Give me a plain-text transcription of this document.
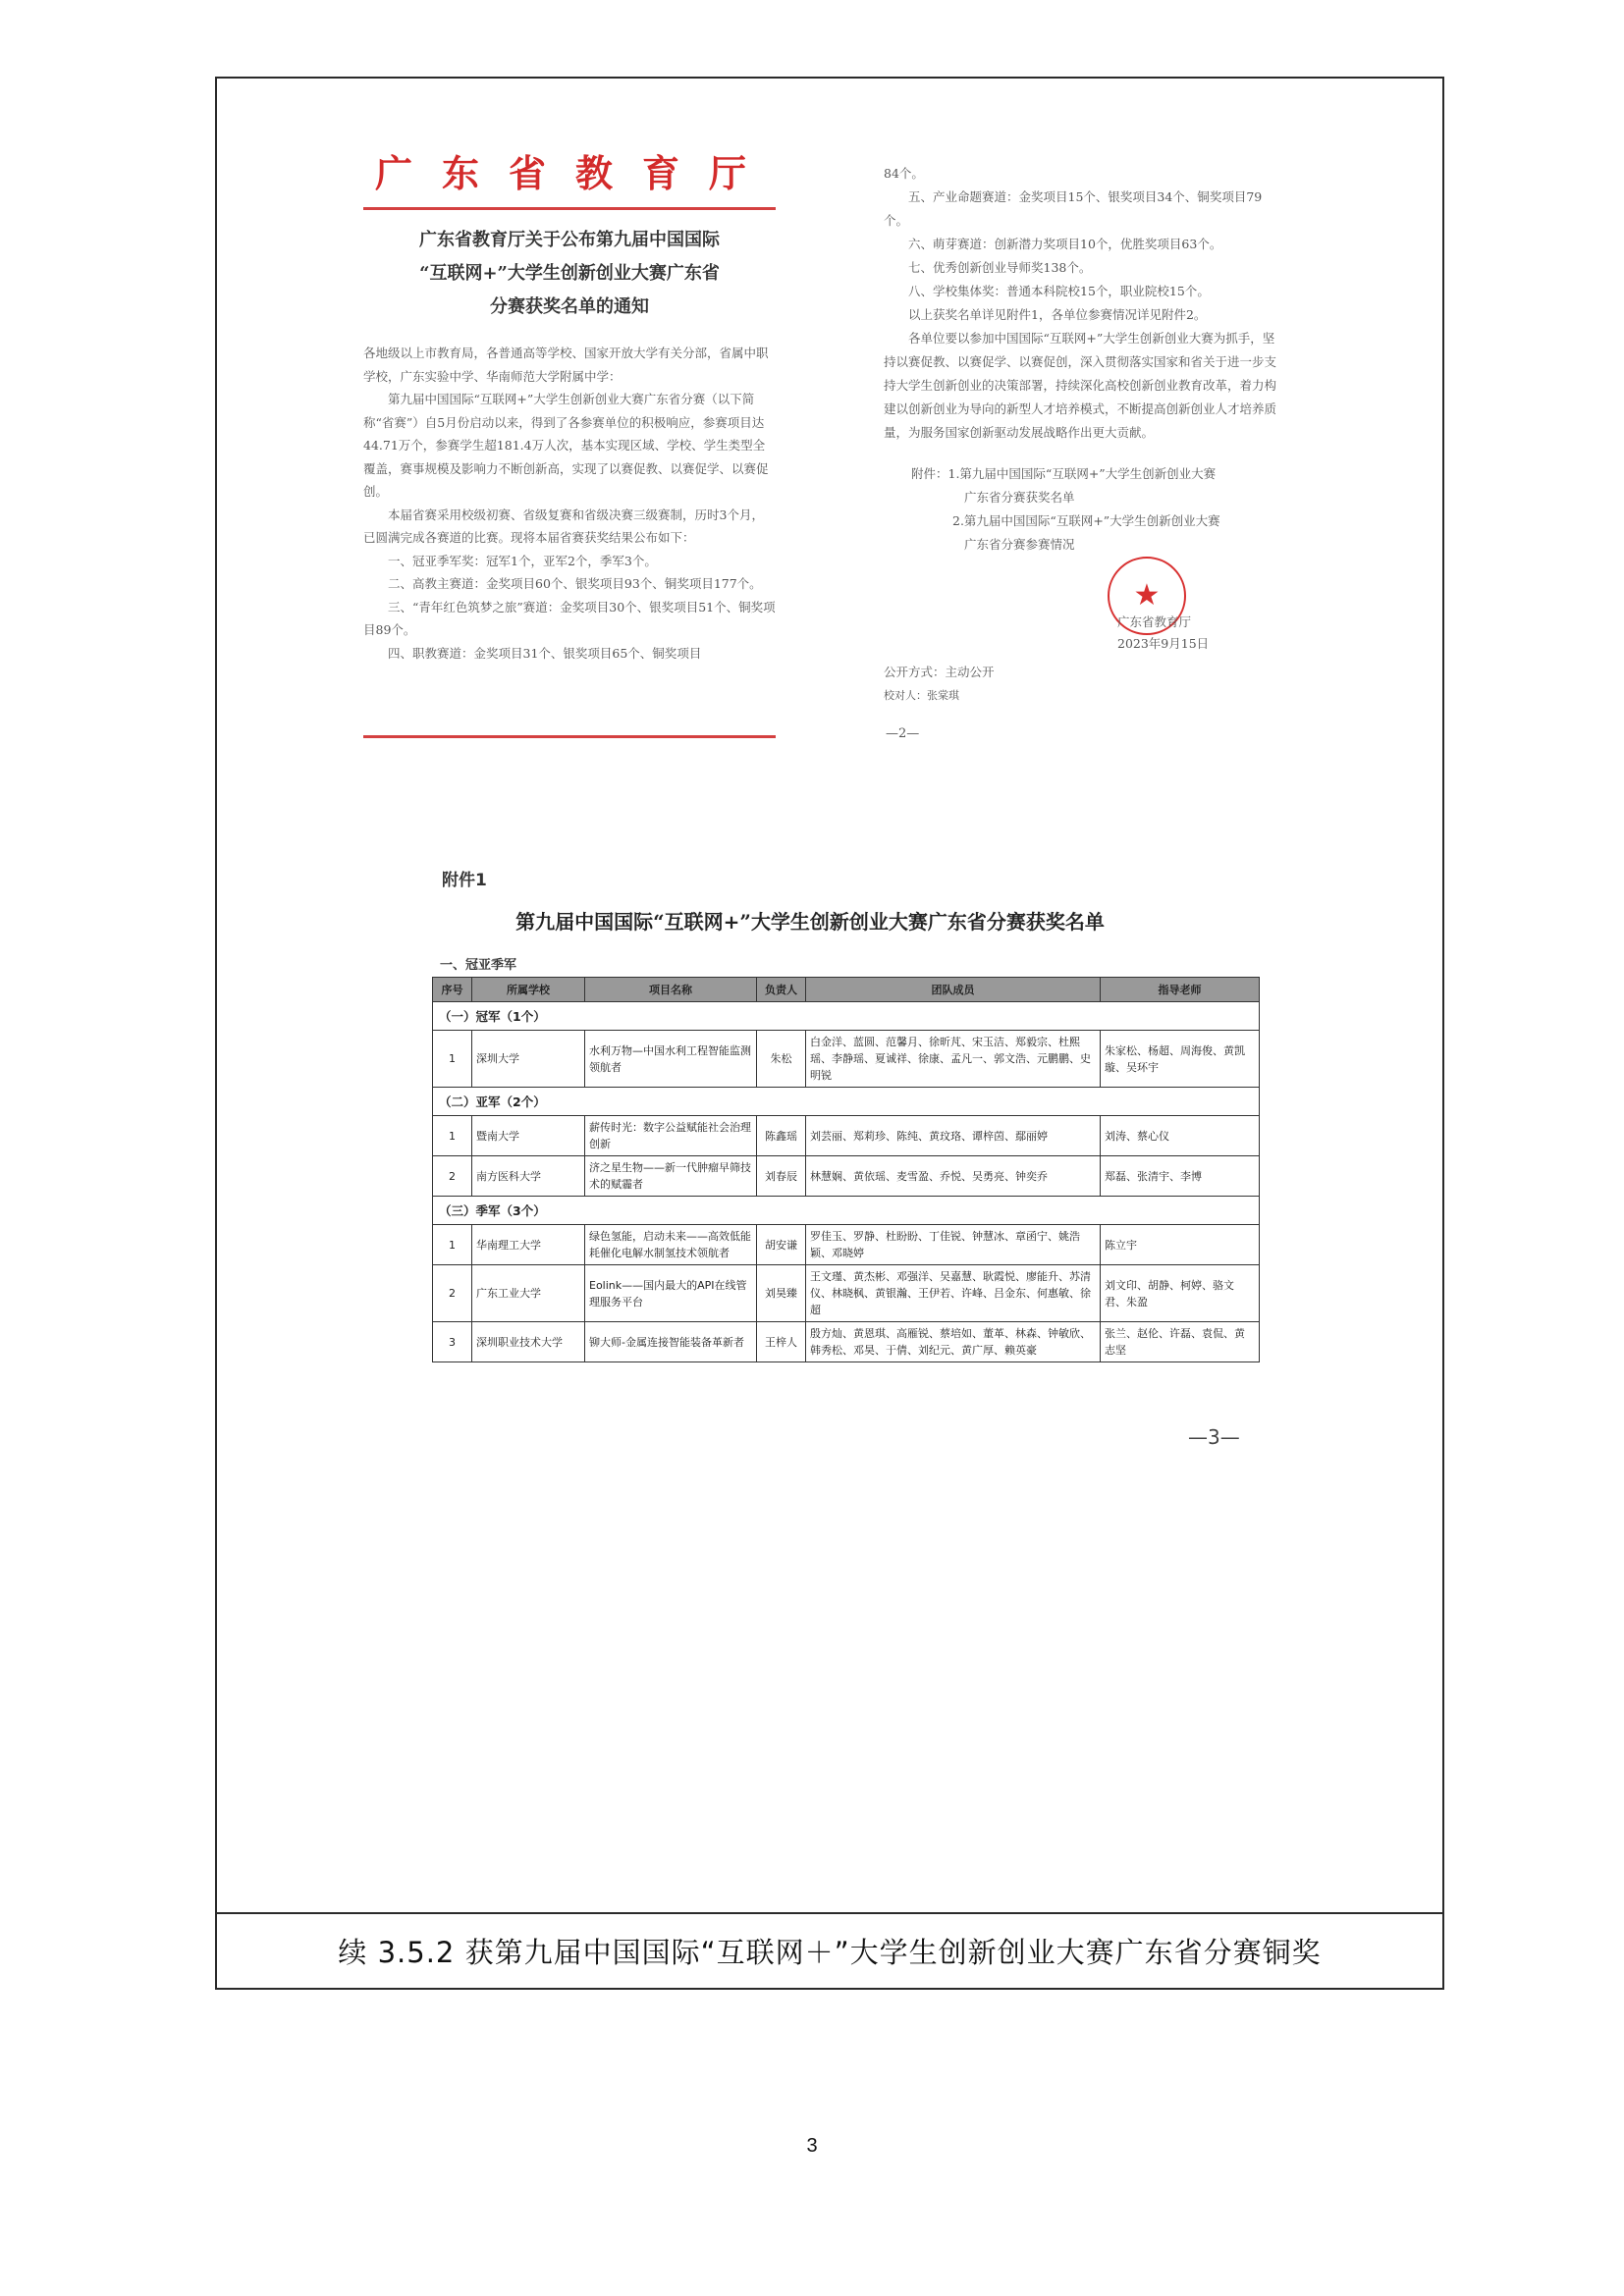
续 3.5.2 获第九届中国国际“互联网＋”大学生创新创业大赛广东省分赛铜奖
广东省教育厅
广东省教育厅关于公布第九届中国国际
“互联网+”大学生创新创业大赛广东省
分赛获奖名单的通知

各地级以上市教育局，各普通高等学校、国家开放大学有关分部，省属中职学校，广东实验中学、华南师范大学附属中学：

第九届中国国际“互联网+”大学生创新创业大赛广东省分赛（以下简称“省赛”）自5月份启动以来，得到了各参赛单位的积极响应，参赛项目达44.71万个，参赛学生超181.4万人次，基本实现区域、学校、学生类型全覆盖，赛事规模及影响力不断创新高，实现了以赛促教、以赛促学、以赛促创。

本届省赛采用校级初赛、省级复赛和省级决赛三级赛制，历时3个月，已圆满完成各赛道的比赛。现将本届省赛获奖结果公布如下：

一、冠亚季军奖：冠军1个，亚军2个，季军3个。

二、高教主赛道：金奖项目60个、银奖项目93个、铜奖项目177个。

三、“青年红色筑梦之旅”赛道：金奖项目30个、银奖项目51个、铜奖项目89个。

四、职教赛道：金奖项目31个、银奖项目65个、铜奖项目

84个。

五、产业命题赛道：金奖项目15个、银奖项目34个、铜奖项目79个。

六、萌芽赛道：创新潜力奖项目10个，优胜奖项目63个。

七、优秀创新创业导师奖138个。

八、学校集体奖：普通本科院校15个，职业院校15个。

以上获奖名单详见附件1，各单位参赛情况详见附件2。

各单位要以参加中国国际“互联网+”大学生创新创业大赛为抓手，坚持以赛促教、以赛促学、以赛促创，深入贯彻落实国家和省关于进一步支持大学生创新创业的决策部署，持续深化高校创新创业教育改革，着力构建以创新创业为导向的新型人才培养模式，不断提高创新创业人才培养质量，为服务国家创新驱动发展战略作出更大贡献。

附件：1.第九届中国国际“互联网+”大学生创新创业大赛

广东省分赛获奖名单

2.第九届中国国际“互联网+”大学生创新创业大赛

广东省分赛参赛情况

★
广东省教育厅
2023年9月15日
公开方式：主动公开
校对人：张棠琪
—2—
附件1
第九届中国国际“互联网+”大学生创新创业大赛广东省分赛获奖名单
一、冠亚季军
序号	所属学校	项目名称	负责人	团队成员	指导老师
（一）冠军（1个）					
1	深圳大学	水利万物—中国水利工程智能监测领航者	朱松	白金洋、蓝圆、范馨月、徐昕芃、宋玉洁、郑毅宗、杜熙瑶、李静瑶、夏诚祥、徐康、孟凡一、郭文浩、元鹏鹏、史明锐	朱家松、杨超、周海俊、黄凯璇、吴环宇
（二）亚军（2个）					
1	暨南大学	薪传时光：数字公益赋能社会治理创新	陈鑫瑶	刘芸丽、郑莉珍、陈纯、黄玟珞、谭梓茵、鄢丽婷	刘涛、蔡心仪
2	南方医科大学	济之星生物——新一代肿瘤早筛技术的赋霾者	刘春辰	林慧娴、黄依瑶、麦雪盈、乔悦、吴勇亮、钟奕乔	郑磊、张清宇、李博
（三）季军（3个）					
1	华南理工大学	绿色氢能，启动未来——高效低能耗催化电解水制氢技术领航者	胡安谦	罗佳玉、罗静、杜盼盼、丁佳锐、钟慧冰、章函宁、姚浩颖、邓晓婷	陈立宇
2	广东工业大学	Eolink——国内最大的API在线管理服务平台	刘昊臻	王文瑾、黄杰彬、邓强洋、吴嘉慧、耿霞悦、廖能升、苏清仪、林晓枫、黄银瀚、王伊若、许峰、吕金东、何惠敏、徐超	刘文印、胡静、柯婷、骆文君、朱盈
3	深圳职业技术大学	铆大师-金属连接智能装备革新者	王梓人	殷方灿、黄恩琪、高雁锐、蔡培如、董革、林森、钟敏欣、韩秀松、邓昊、于倩、刘纪元、黄广厚、赖英豪	张兰、赵伦、许磊、袁侃、黄志坚
—3—
3
